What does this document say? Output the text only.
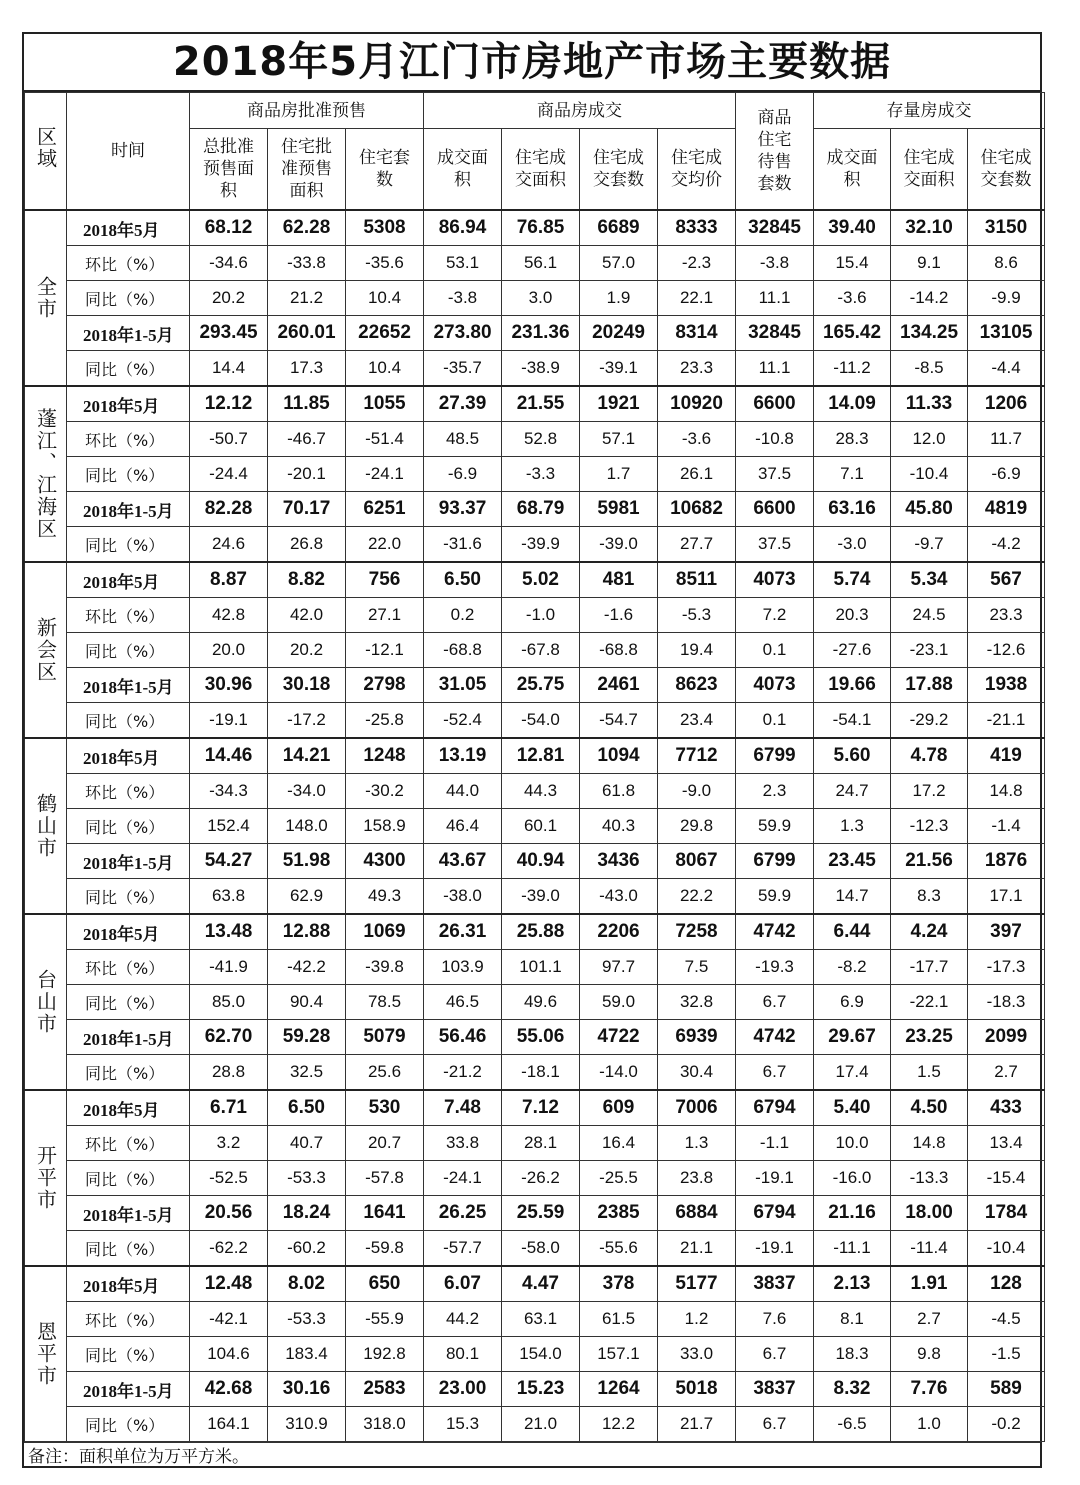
2018年5月江门市房地产市场主要数据
区域	时间	商品房批准预售			商品房成交				商品住宅待售套数	存量房成交		

		总批准预售面积	住宅批准预售面积	住宅套数	成交面积	住宅成交面积	住宅成交套数	住宅成交均价		成交面积	住宅成交面积	住宅成交套数

全市	2018年5月	68.12	62.28	5308	86.94	76.85	6689	8333	32845	39.40	32.10	3150
	环比（%）	-34.6	-33.8	-35.6	53.1	56.1	57.0	-2.3	-3.8	15.4	9.1	8.6
	同比（%）	20.2	21.2	10.4	-3.8	3.0	1.9	22.1	11.1	-3.6	-14.2	-9.9
	2018年1-5月	293.45	260.01	22652	273.80	231.36	20249	8314	32845	165.42	134.25	13105
	同比（%）	14.4	17.3	10.4	-35.7	-38.9	-39.1	23.3	11.1	-11.2	-8.5	-4.4
蓬江、江海区	2018年5月	12.12	11.85	1055	27.39	21.55	1921	10920	6600	14.09	11.33	1206
	环比（%）	-50.7	-46.7	-51.4	48.5	52.8	57.1	-3.6	-10.8	28.3	12.0	11.7
	同比（%）	-24.4	-20.1	-24.1	-6.9	-3.3	1.7	26.1	37.5	7.1	-10.4	-6.9
	2018年1-5月	82.28	70.17	6251	93.37	68.79	5981	10682	6600	63.16	45.80	4819
	同比（%）	24.6	26.8	22.0	-31.6	-39.9	-39.0	27.7	37.5	-3.0	-9.7	-4.2
新会区	2018年5月	8.87	8.82	756	6.50	5.02	481	8511	4073	5.74	5.34	567
	环比（%）	42.8	42.0	27.1	0.2	-1.0	-1.6	-5.3	7.2	20.3	24.5	23.3
	同比（%）	20.0	20.2	-12.1	-68.8	-67.8	-68.8	19.4	0.1	-27.6	-23.1	-12.6
	2018年1-5月	30.96	30.18	2798	31.05	25.75	2461	8623	4073	19.66	17.88	1938
	同比（%）	-19.1	-17.2	-25.8	-52.4	-54.0	-54.7	23.4	0.1	-54.1	-29.2	-21.1
鹤山市	2018年5月	14.46	14.21	1248	13.19	12.81	1094	7712	6799	5.60	4.78	419
	环比（%）	-34.3	-34.0	-30.2	44.0	44.3	61.8	-9.0	2.3	24.7	17.2	14.8
	同比（%）	152.4	148.0	158.9	46.4	60.1	40.3	29.8	59.9	1.3	-12.3	-1.4
	2018年1-5月	54.27	51.98	4300	43.67	40.94	3436	8067	6799	23.45	21.56	1876
	同比（%）	63.8	62.9	49.3	-38.0	-39.0	-43.0	22.2	59.9	14.7	8.3	17.1
台山市	2018年5月	13.48	12.88	1069	26.31	25.88	2206	7258	4742	6.44	4.24	397
	环比（%）	-41.9	-42.2	-39.8	103.9	101.1	97.7	7.5	-19.3	-8.2	-17.7	-17.3
	同比（%）	85.0	90.4	78.5	46.5	49.6	59.0	32.8	6.7	6.9	-22.1	-18.3
	2018年1-5月	62.70	59.28	5079	56.46	55.06	4722	6939	4742	29.67	23.25	2099
	同比（%）	28.8	32.5	25.6	-21.2	-18.1	-14.0	30.4	6.7	17.4	1.5	2.7
开平市	2018年5月	6.71	6.50	530	7.48	7.12	609	7006	6794	5.40	4.50	433
	环比（%）	3.2	40.7	20.7	33.8	28.1	16.4	1.3	-1.1	10.0	14.8	13.4
	同比（%）	-52.5	-53.3	-57.8	-24.1	-26.2	-25.5	23.8	-19.1	-16.0	-13.3	-15.4
	2018年1-5月	20.56	18.24	1641	26.25	25.59	2385	6884	6794	21.16	18.00	1784
	同比（%）	-62.2	-60.2	-59.8	-57.7	-58.0	-55.6	21.1	-19.1	-11.1	-11.4	-10.4
恩平市	2018年5月	12.48	8.02	650	6.07	4.47	378	5177	3837	2.13	1.91	128
	环比（%）	-42.1	-53.3	-55.9	44.2	63.1	61.5	1.2	7.6	8.1	2.7	-4.5
	同比（%）	104.6	183.4	192.8	80.1	154.0	157.1	33.0	6.7	18.3	9.8	-1.5
	2018年1-5月	42.68	30.16	2583	23.00	15.23	1264	5018	3837	8.32	7.76	589
	同比（%）	164.1	310.9	318.0	15.3	21.0	12.2	21.7	6.7	-6.5	1.0	-0.2
备注：面积单位为万平方米。
